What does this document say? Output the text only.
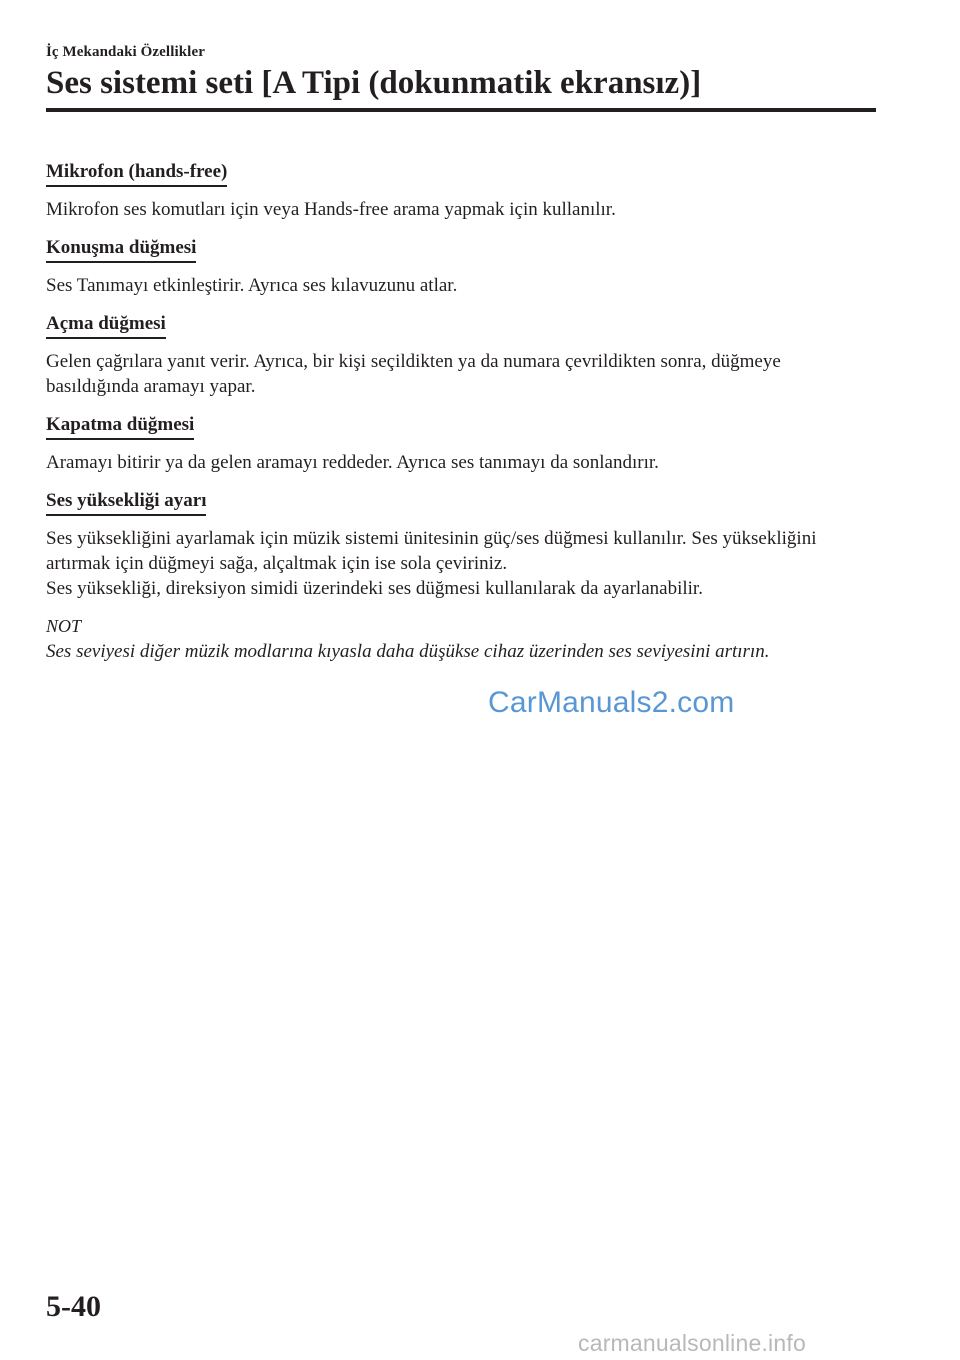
İç Mekandaki Özellikler
Ses sistemi seti [A Tipi (dokunmatik ekransız)]
Mikrofon (hands-free)

Mikrofon ses komutları için veya Hands-free arama yapmak için kullanılır.

Konuşma düğmesi

Ses Tanımayı etkinleştirir. Ayrıca ses kılavuzunu atlar.

Açma düğmesi

Gelen çağrılara yanıt verir. Ayrıca, bir kişi seçildikten ya da numara çevrildikten sonra, düğmeye basıldığında aramayı yapar.

Kapatma düğmesi

Aramayı bitirir ya da gelen aramayı reddeder. Ayrıca ses tanımayı da sonlandırır.

Ses yüksekliği ayarı

Ses yüksekliğini ayarlamak için müzik sistemi ünitesinin güç/ses düğmesi kullanılır. Ses yüksekliğini artırmak için düğmeyi sağa, alçaltmak için ise sola çeviriniz.

Ses yüksekliği, direksiyon simidi üzerindeki ses düğmesi kullanılarak da ayarlanabilir.

NOT

Ses seviyesi diğer müzik modlarına kıyasla daha düşükse cihaz üzerinden ses seviyesini artırın.

CarManuals2.com
5-40
carmanualsonline.info
